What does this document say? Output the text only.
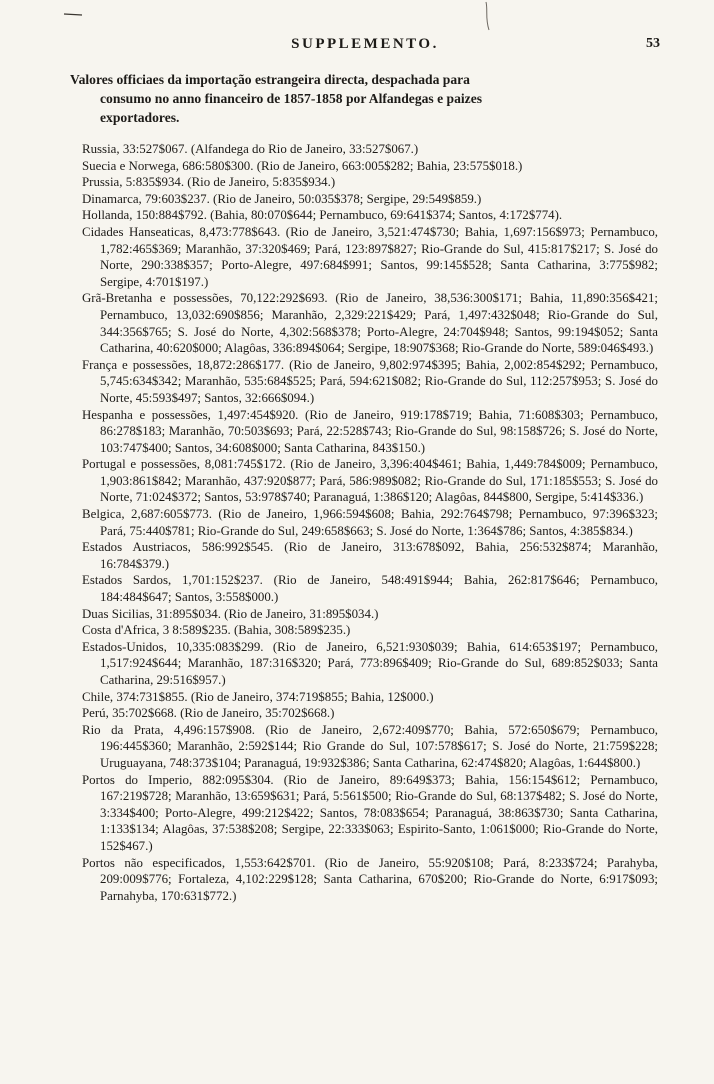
SUPPLEMENTO.	53
Valores officiaes da importação estrangeira directa, despachada para
consumo no anno financeiro de 1857-1858 por Alfandegas e paizes
exportadores.

Russia, 33:527$067. (Alfandega do Rio de Janeiro, 33:527$067.)

Suecia e Norwega, 686:580$300. (Rio de Janeiro, 663:005$282; Bahia, 23:575$018.)

Prussia, 5:835$934. (Rio de Janeiro, 5:835$934.)

Dinamarca, 79:603$237. (Rio de Janeiro, 50:035$378; Sergipe, 29:549$859.)

Hollanda, 150:884$792. (Bahia, 80:070$644; Pernambuco, 69:641$374; Santos, 4:172$774).

Cidades Hanseaticas, 8,473:778$643. (Rio de Janeiro, 3,521:474$730; Bahia, 1,697:156$973; Pernambuco, 1,782:465$369; Maranhão, 37:320$469; Pará, 123:897$827; Rio-Grande do Sul, 415:817$217; S. José do Norte, 290:338$357; Porto-Alegre, 497:684$991; Santos, 99:145$528; Santa Catharina, 3:775$982; Sergipe, 4:701$197.)

Grã-Bretanha e possessões, 70,122:292$693. (Rio de Janeiro, 38,536:300$171; Bahia, 11,890:356$421; Pernambuco, 13,032:690$856; Maranhão, 2,329:221$429; Pará, 1,497:432$048; Rio-Grande do Sul, 344:356$765; S. José do Norte, 4,302:568$378; Porto-Alegre, 24:704$948; Santos, 99:194$052; Santa Catharina, 40:620$000; Alagôas, 336:894$064; Sergipe, 18:907$368; Rio-Grande do Norte, 589:046$493.)

França e possessões, 18,872:286$177. (Rio de Janeiro, 9,802:974$395; Bahia, 2,002:854$292; Pernambuco, 5,745:634$342; Maranhão, 535:684$525; Pará, 594:621$082; Rio-Grande do Sul, 112:257$953; S. José do Norte, 45:593$497; Santos, 32:666$094.)

Hespanha e possessões, 1,497:454$920. (Rio de Janeiro, 919:178$719; Bahia, 71:608$303; Pernambuco, 86:278$183; Maranhão, 70:503$693; Pará, 22:528$743; Rio-Grande do Sul, 98:158$726; S. José do Norte, 103:747$400; Santos, 34:608$000; Santa Catharina, 843$150.)

Portugal e possessões, 8,081:745$172. (Rio de Janeiro, 3,396:404$461; Bahia, 1,449:784$009; Pernambuco, 1,903:861$842; Maranhão, 437:920$877; Pará, 586:989$082; Rio-Grande do Sul, 171:185$553; S. José do Norte, 71:024$372; Santos, 53:978$740; Paranaguá, 1:386$120; Alagôas, 844$800, Sergipe, 5:414$336.)

Belgica, 2,687:605$773. (Rio de Janeiro, 1,966:594$608; Bahia, 292:764$798; Pernambuco, 97:396$323; Pará, 75:440$781; Rio-Grande do Sul, 249:658$663; S. José do Norte, 1:364$786; Santos, 4:385$834.)

Estados Austriacos, 586:992$545. (Rio de Janeiro, 313:678$092, Bahia, 256:532$874; Maranhão, 16:784$379.)

Estados Sardos, 1,701:152$237. (Rio de Janeiro, 548:491$944; Bahia, 262:817$646; Pernambuco, 184:484$647; Santos, 3:558$000.)

Duas Sicilias, 31:895$034. (Rio de Janeiro, 31:895$034.)

Costa d'Africa, 3 8:589$235. (Bahia, 308:589$235.)

Estados-Unidos, 10,335:083$299. (Rio de Janeiro, 6,521:930$039; Bahia, 614:653$197; Pernambuco, 1,517:924$644; Maranhão, 187:316$320; Pará, 773:896$409; Rio-Grande do Sul, 689:852$033; Santa Catharina, 29:516$957.)

Chile, 374:731$855. (Rio de Janeiro, 374:719$855; Bahia, 12$000.)

Perú, 35:702$668. (Rio de Janeiro, 35:702$668.)

Rio da Prata, 4,496:157$908. (Rio de Janeiro, 2,672:409$770; Bahia, 572:650$679; Pernambuco, 196:445$360; Maranhão, 2:592$144; Rio Grande do Sul, 107:578$617; S. José do Norte, 21:759$228; Uruguayana, 748:373$104; Paranaguá, 19:932$386; Santa Catharina, 62:474$820; Alagôas, 1:644$800.)

Portos do Imperio, 882:095$304. (Rio de Janeiro, 89:649$373; Bahia, 156:154$612; Pernambuco, 167:219$728; Maranhão, 13:659$631; Pará, 5:561$500; Rio-Grande do Sul, 68:137$482; S. José do Norte, 3:334$400; Porto-Alegre, 499:212$422; Santos, 78:083$654; Paranaguá, 38:863$730; Santa Catharina, 1:133$134; Alagôas, 37:538$208; Sergipe, 22:333$063; Espirito-Santo, 1:061$000; Rio-Grande do Norte, 152$467.)

Portos não especificados, 1,553:642$701. (Rio de Janeiro, 55:920$108; Pará, 8:233$724; Parahyba, 209:009$776; Fortaleza, 4,102:229$128; Santa Catharina, 670$200; Rio-Grande do Norte, 6:917$093; Parnahyba, 170:631$772.)
